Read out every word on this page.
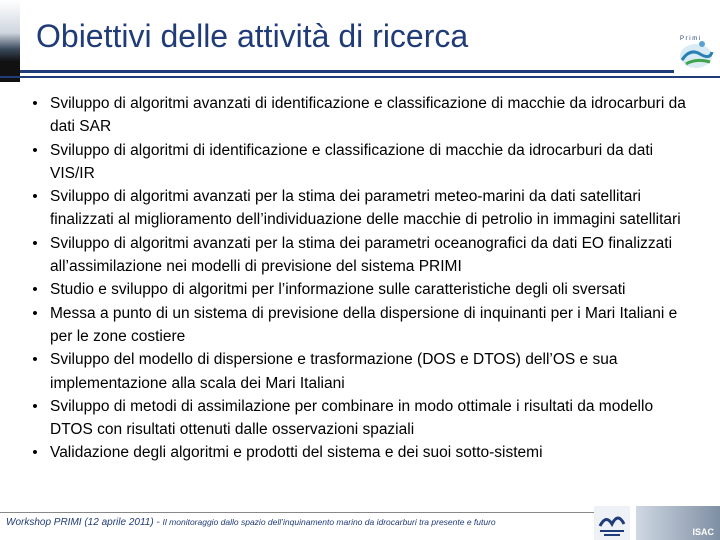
Obiettivi delle attività di ricerca	P r i m i
• Sviluppo di algoritmi avanzati di identificazione e classificazione di macchie da idrocarburi da dati SAR
• Sviluppo di algoritmi di identificazione e classificazione di macchie da idrocarburi da dati VIS/IR
• Sviluppo di algoritmi avanzati per la stima dei parametri meteo-marini da dati satellitari finalizzati al miglioramento dell’individuazione delle macchie di petrolio in immagini satellitari
• Sviluppo di algoritmi avanzati per la stima dei parametri oceanografici da dati EO finalizzati all’assimilazione nei modelli di previsione del sistema PRIMI
• Studio e sviluppo di algoritmi per l’informazione sulle caratteristiche degli oli sversati
• Messa a punto di un sistema di previsione della dispersione di inquinanti per i Mari Italiani e per le zone costiere
• Sviluppo del modello di dispersione e trasformazione (DOS e DTOS) dell’OS e sua implementazione alla scala dei Mari Italiani
• Sviluppo di metodi di assimilazione per combinare in modo ottimale i risultati da modello DTOS con risultati ottenuti dalle osservazioni spaziali
• Validazione degli algoritmi e prodotti del sistema e dei suoi sotto-sistemi
Workshop PRIMI (12 aprile 2011) - Il monitoraggio dallo spazio dell’inquinamento marino da idrocarburi tra presente e futuro
ISAC
